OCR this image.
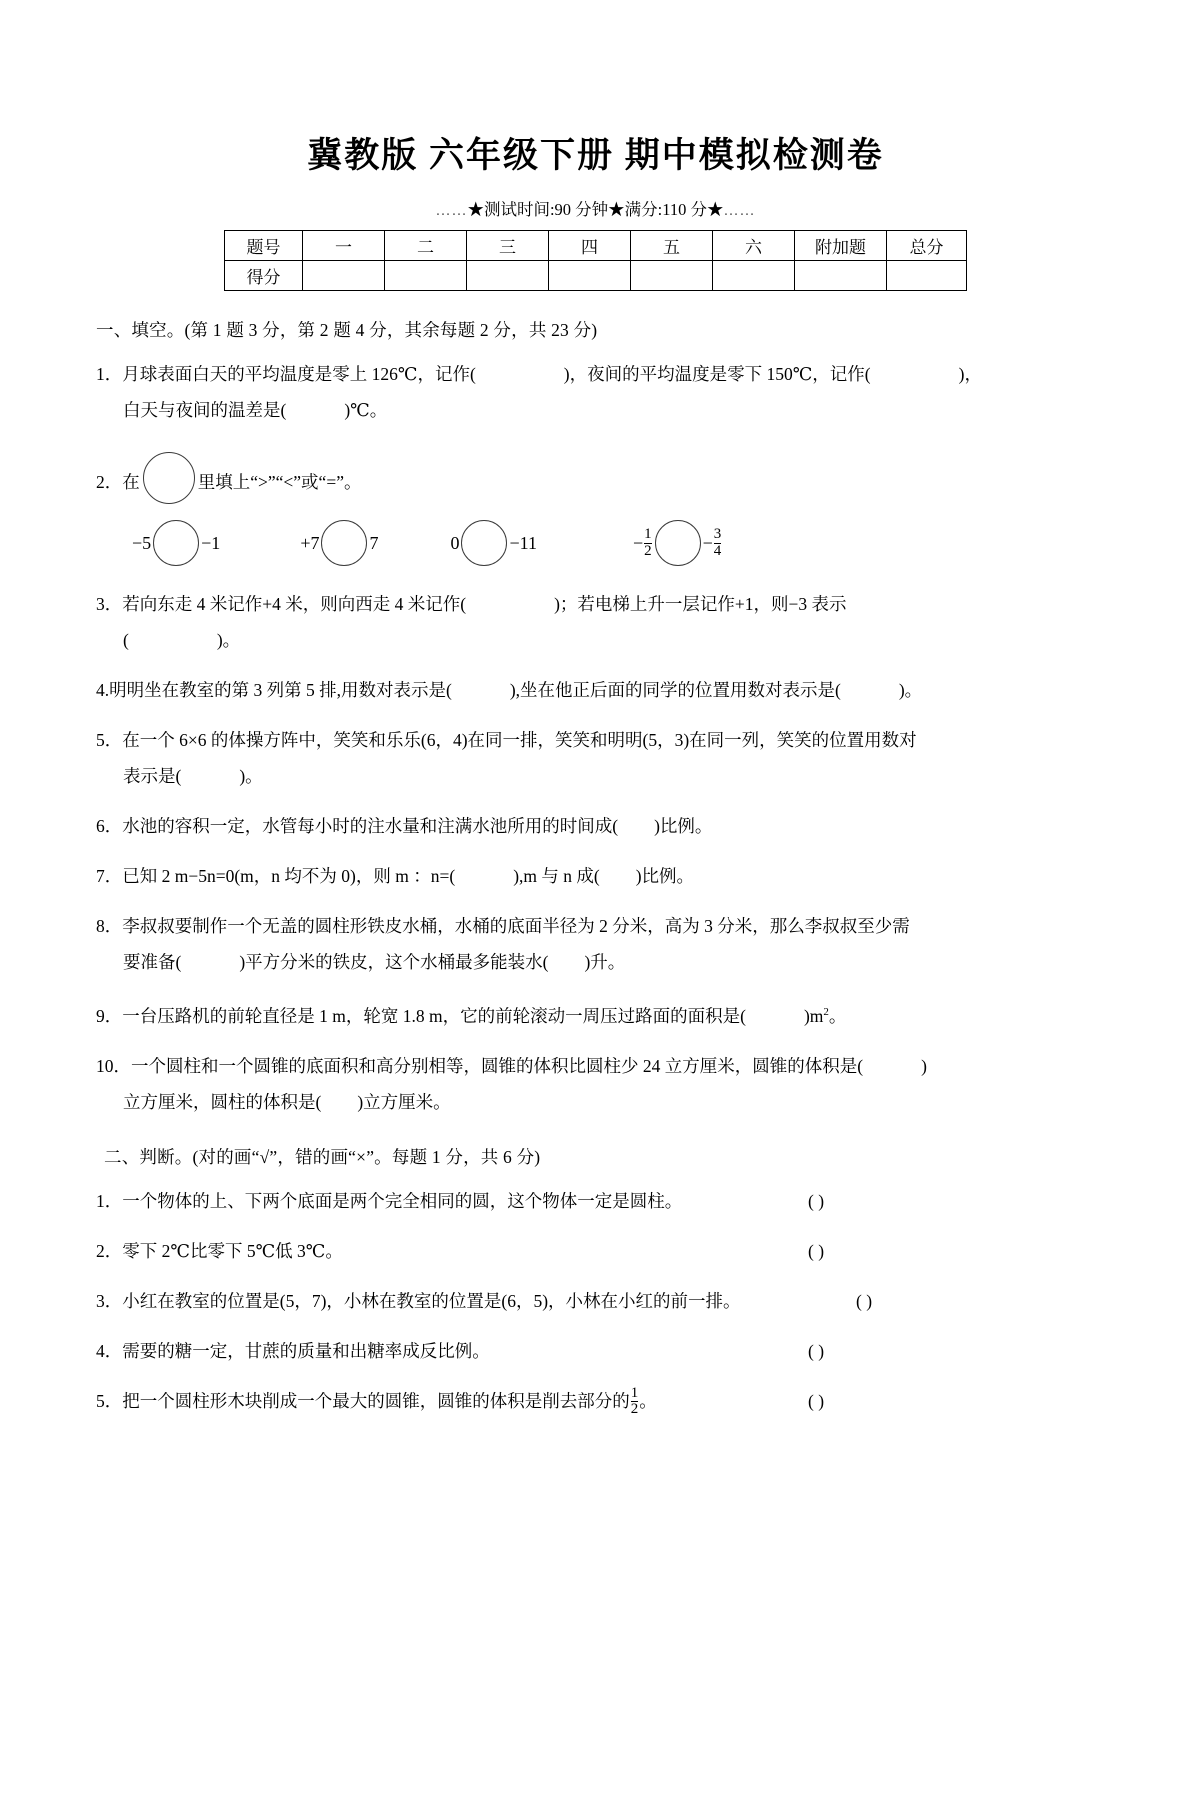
冀教版 六年级下册 期中模拟检测卷
……★测试时间:90 分钟★满分:110 分★……
题号	一	二	三	四	五	六	附加题	总分
得分								
一、填空。(第 1 题 3 分，第 2 题 4 分，其余每题 2 分，共 23 分)
1．月球表面白天的平均温度是零上 126℃，记作(	)，夜间的平均温度是零下 150℃，记作(	)，
白天与夜间的温差是(	)℃。
2．在	里填上“>”“<”或“=”。
−5	−1	+7	7	0	−11	− $\frac{1}{2}$	− $\frac{3}{4}$
3．若向东走 4 米记作+4 米，则向西走 4 米记作(	)；若电梯上升一层记作+1，则−3 表示
(	)。
4.明明坐在教室的第 3 列第 5 排,用数对表示是(	),坐在他正后面的同学的位置用数对表示是(	)。
5．在一个 6×6 的体操方阵中，笑笑和乐乐(6，4)在同一排，笑笑和明明(5，3)在同一列，笑笑的位置用数对
表示是(	)。
6．水池的容积一定，水管每小时的注水量和注满水池所用的时间成( )比例。
7．已知 2 m−5n=0(m，n 均不为 0)，则 m ：n=(	),m 与 n 成( )比例。
8．李叔叔要制作一个无盖的圆柱形铁皮水桶，水桶的底面半径为 2 分米，高为 3 分米，那么李叔叔至少需
要准备(	)平方分米的铁皮，这个水桶最多能装水( )升。
9．一台压路机的前轮直径是 1 m，轮宽 1.8 m，它的前轮滚动一周压过路面的面积是(	)$m^2$。
10．一个圆柱和一个圆锥的底面积和高分别相等，圆锥的体积比圆柱少 24 立方厘米，圆锥的体积是(	)
立方厘米，圆柱的体积是( )立方厘米。
二、判断。(对的画“√”，错的画“×”。每题 1 分，共 6 分)
1．一个物体的上、下两个底面是两个完全相同的圆，这个物体一定是圆柱。	( )
2．零下 2℃比零下 5℃低 3℃。	( )
3．小红在教室的位置是(5，7)，小林在教室的位置是(6，5)，小林在小红的前一排。	( )
4．需要的糖一定，甘蔗的质量和出糖率成反比例。	( )
5．把一个圆柱形木块削成一个最大的圆锥，圆锥的体积是削去部分的 $\frac{1}{2}$ 。	( )
